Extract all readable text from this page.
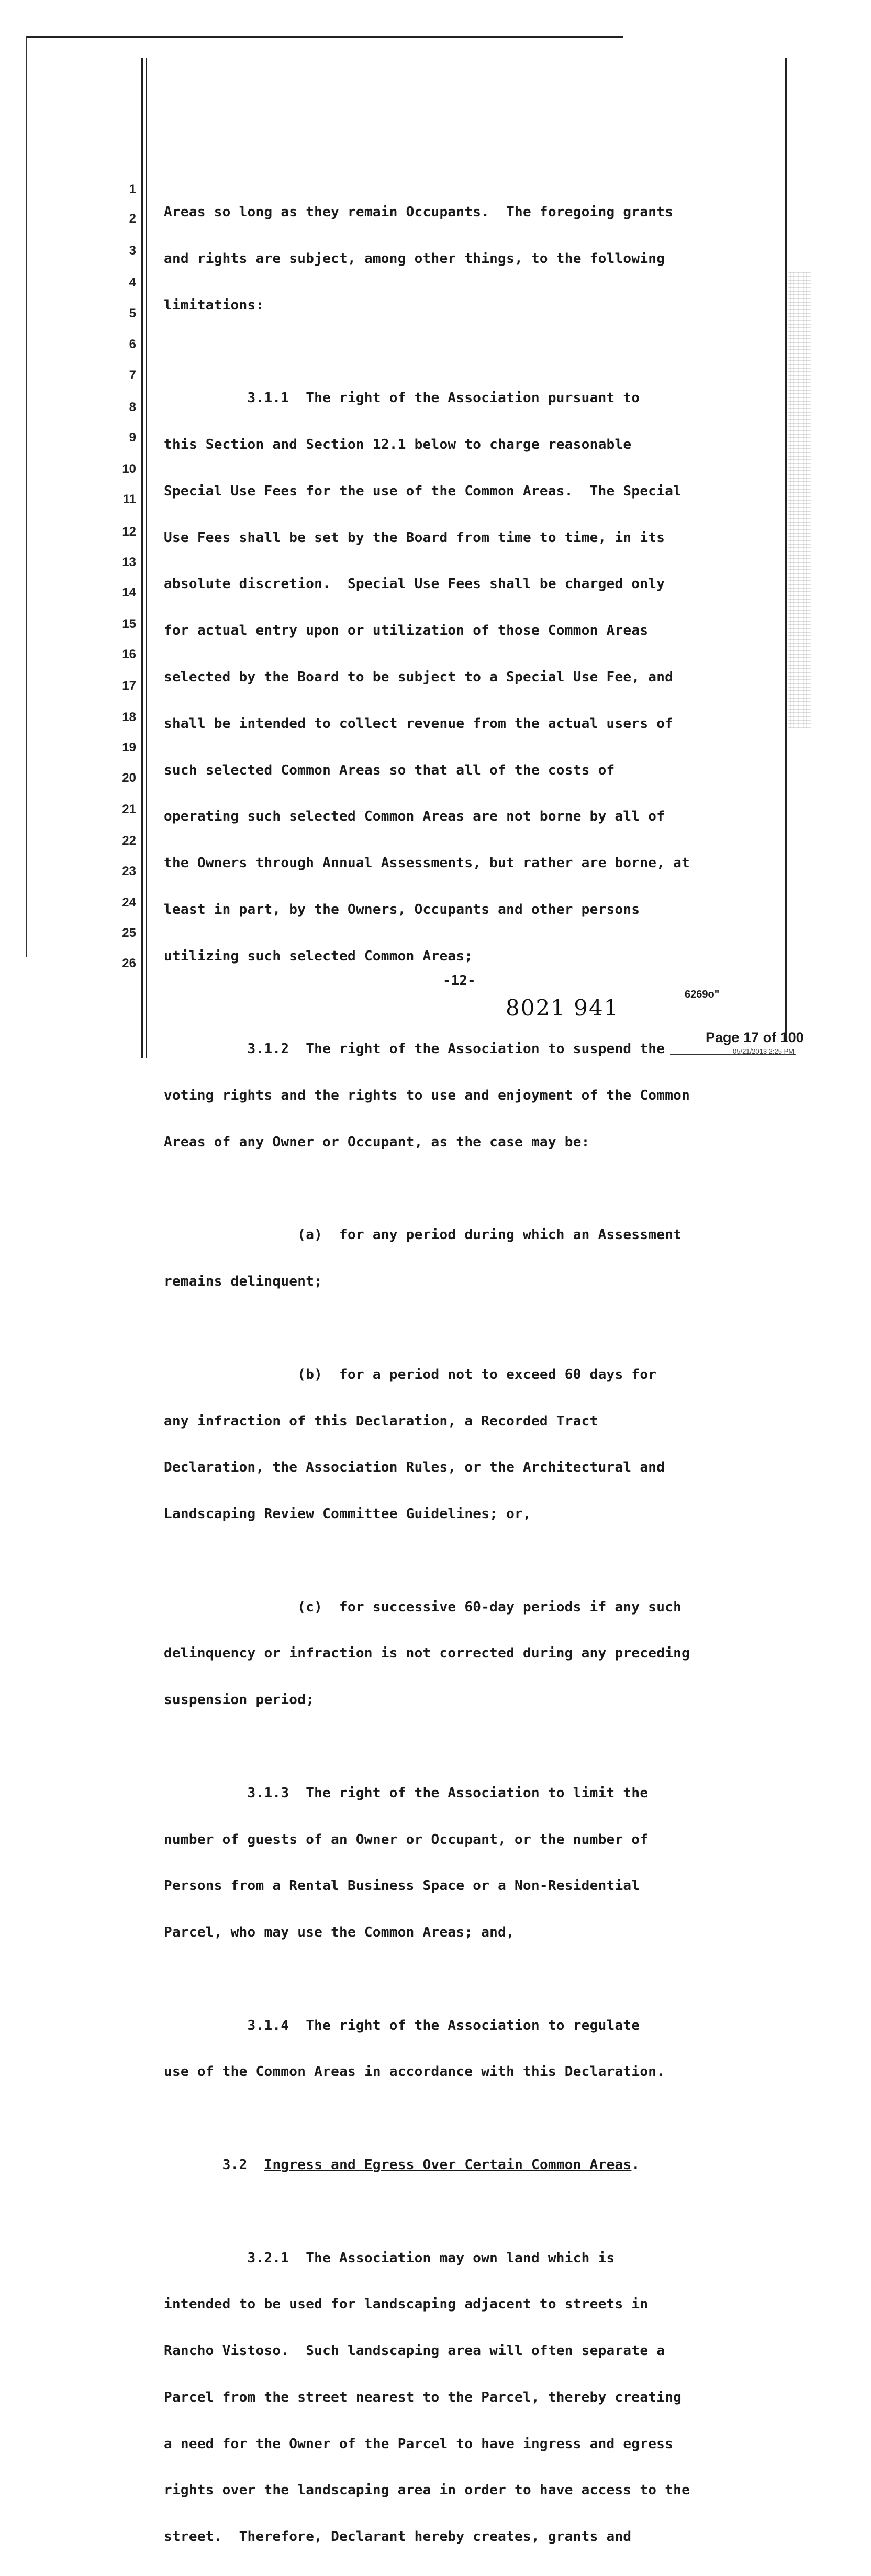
1
2
3
4
5
6
7
8
9
10
11
12
13
14
15
16
17
18
19
20
21
22
23
24
25
26

Areas so long as they remain Occupants.  The foregoing grants

and rights are subject, among other things, to the following

limitations:

3.1.1  The right of the Association pursuant to

this Section and Section 12.1 below to charge reasonable

Special Use Fees for the use of the Common Areas.  The Special

Use Fees shall be set by the Board from time to time, in its

absolute discretion.  Special Use Fees shall be charged only

for actual entry upon or utilization of those Common Areas

selected by the Board to be subject to a Special Use Fee, and

shall be intended to collect revenue from the actual users of

such selected Common Areas so that all of the costs of

operating such selected Common Areas are not borne by all of

the Owners through Annual Assessments, but rather are borne, at

least in part, by the Owners, Occupants and other persons

utilizing such selected Common Areas;

3.1.2  The right of the Association to suspend the

voting rights and the rights to use and enjoyment of the Common

Areas of any Owner or Occupant, as the case may be:

(a)  for any period during which an Assessment

remains delinquent;

(b)  for a period not to exceed 60 days for

any infraction of this Declaration, a Recorded Tract

Declaration, the Association Rules, or the Architectural and

Landscaping Review Committee Guidelines; or,

(c)  for successive 60-day periods if any such

delinquency or infraction is not corrected during any preceding

suspension period;

3.1.3  The right of the Association to limit the

number of guests of an Owner or Occupant, or the number of

Persons from a Rental Business Space or a Non-Residential

Parcel, who may use the Common Areas; and,

3.1.4  The right of the Association to regulate

use of the Common Areas in accordance with this Declaration.

3.2 Ingress and Egress Over Certain Common Areas.

3.2.1  The Association may own land which is

intended to be used for landscaping adjacent to streets in

Rancho Vistoso.  Such landscaping area will often separate a

Parcel from the street nearest to the Parcel, thereby creating

a need for the Owner of the Parcel to have ingress and egress

rights over the landscaping area in order to have access to the

street.  Therefore, Declarant hereby creates, grants and

-12-
8021 941
6269o"
Page 17 of 100
05/21/2013 2:25 PM
